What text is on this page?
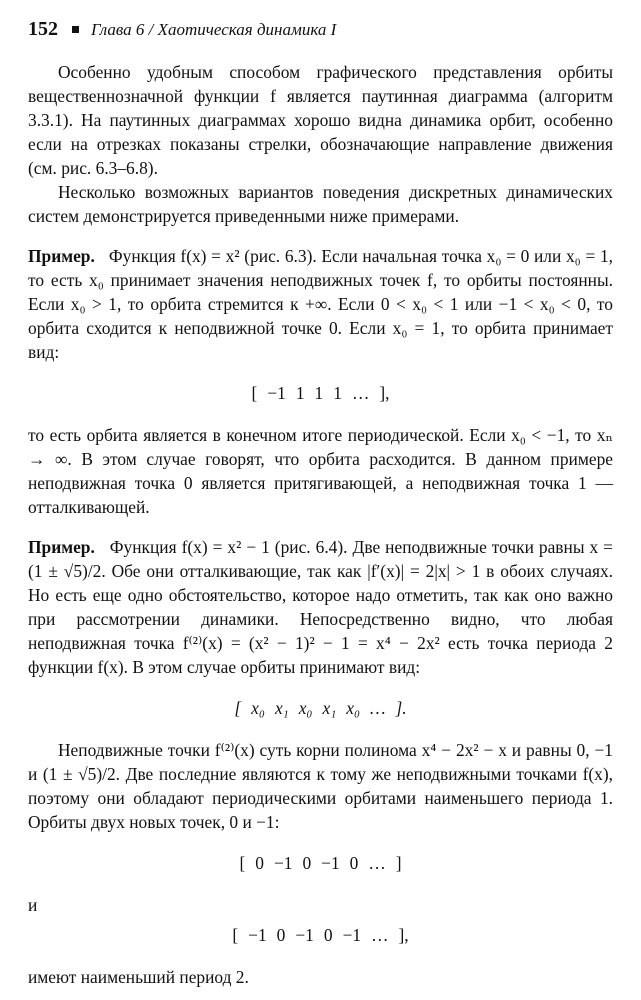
152 Глава 6 / Хаотическая динамика I

Особенно удобным способом графического представления орбиты вещественнозначной функции f является паутинная диаграмма (алгоритм 3.3.1). На паутинных диаграммах хорошо видна динамика орбит, особенно если на отрезках показаны стрелки, обозначающие направление движения (см. рис. 6.3–6.8).

Несколько возможных вариантов поведения дискретных динамических систем демонстрируется приведенными ниже примерами.

Пример. Функция f(x) = x² (рис. 6.3). Если начальная точка x₀ = 0 или x₀ = 1, то есть x₀ принимает значения неподвижных точек f, то орбиты постоянны. Если x₀ > 1, то орбита стремится к +∞. Если 0 < x₀ < 1 или −1 < x₀ < 0, то орбита сходится к неподвижной точке 0. Если x₀ = 1, то орбита принимает вид:

[ −1 1 1 1 … ],

то есть орбита является в конечном итоге периодической. Если x₀ < −1, то xₙ → ∞. В этом случае говорят, что орбита расходится. В данном примере неподвижная точка 0 является притягивающей, а неподвижная точка 1 — отталкивающей.

Пример. Функция f(x) = x² − 1 (рис. 6.4). Две неподвижные точки равны x = (1 ± √5)/2. Обе они отталкивающие, так как |f′(x)| = 2|x| > 1 в обоих случаях. Но есть еще одно обстоятельство, которое надо отметить, так как оно важно при рассмотрении динамики. Непосредственно видно, что любая неподвижная точка f⁽²⁾(x) = (x² − 1)² − 1 = x⁴ − 2x² есть точка периода 2 функции f(x). В этом случае орбиты принимают вид:

[ x₀ x₁ x₀ x₁ x₀ … ].

Неподвижные точки f⁽²⁾(x) суть корни полинома x⁴ − 2x² − x и равны 0, −1 и (1 ± √5)/2. Две последние являются к тому же неподвижными точками f(x), поэтому они обладают периодическими орбитами наименьшего периода 1. Орбиты двух новых точек, 0 и −1:

[ 0 −1 0 −1 0 … ]

и

[ −1 0 −1 0 −1 … ],

имеют наименьший период 2.
